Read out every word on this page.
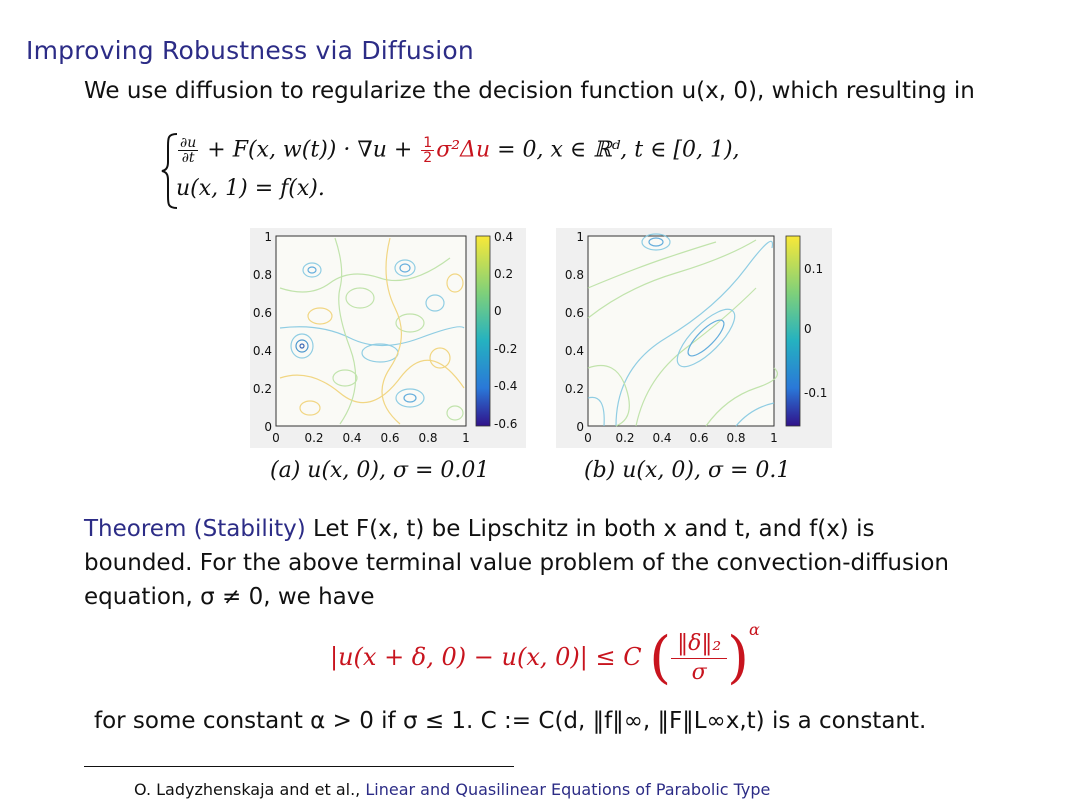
Improving Robustness via Diffusion
We use diffusion to regularize the decision function u(x, 0), which resulting in
$\frac{\partial u}{\partial t} + F(x$, $w(t)) \cdot \nabla u + \frac{1}{2} \sigma^2\Delta u = 0$, x ∈ ℝᵈ, t ∈ [0, 1),
u(x, 1) = f(x).
0.4
0.2
0
-0.2
-0.4
-0.6
0
0.2
0.4
0.6
0.8
1
0 0.2 0.4 0.6 0.8 1
(a) u(x, 0), σ = 0.01
0.1
0
-0.1
0
0.2
0.4
0.6
0.8
1
0 0.2 0.4 0.6 0.8 1
(b) u(x, 0), σ = 0.1
Theorem (Stability) Let F(x, t) be Lipschitz in both x and t, and f(x) is
bounded. For the above terminal value problem of the convection-diffusion
equation, σ ≠ 0, we have
|u(x + δ, 0) − u(x, 0)| ≤ C ( $\frac{\text{‖δ‖₂}}{\sigma} )^\alpha$
for some constant α > 0 if σ ≤ 1. C := C(d, ‖f‖∞, ‖F‖L∞x,t) is a constant.
O. Ladyzhenskaja and et al., Linear and Quasilinear Equations of Parabolic Type
